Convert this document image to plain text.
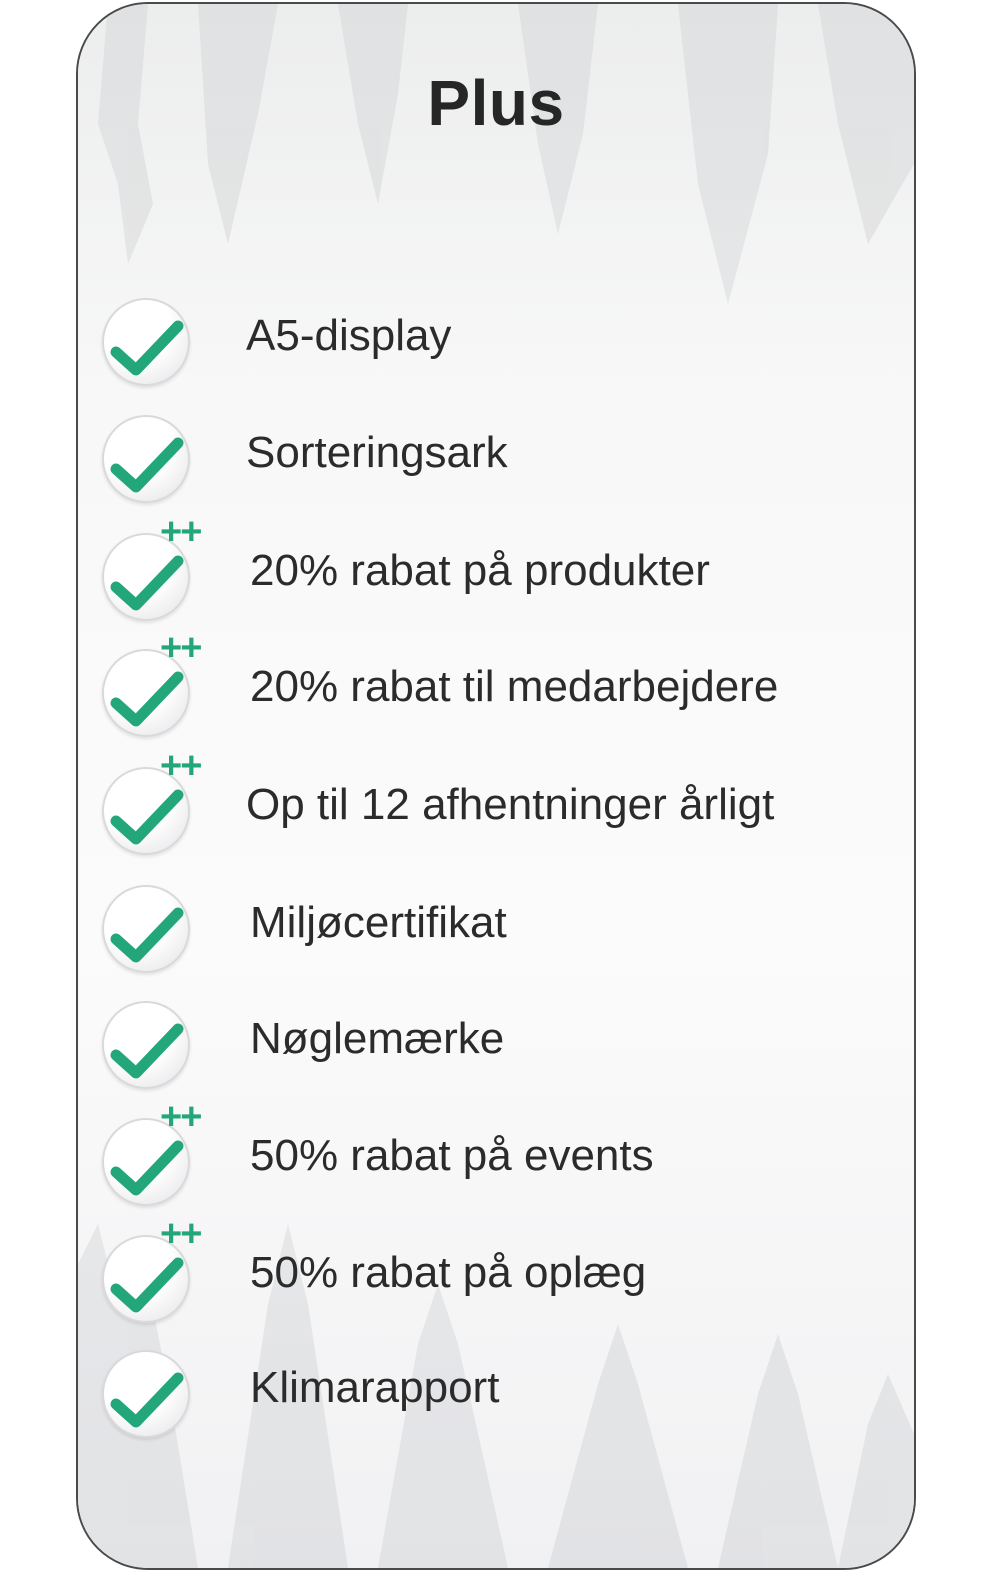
Plus
A5-display
Sorteringsark
++
20% rabat på produkter
++
20% rabat til medarbejdere
++
Op til 12 afhentninger årligt
Miljøcertifikat
Nøglemærke
++
50% rabat på events
++
50% rabat på oplæg
Klimarapport
